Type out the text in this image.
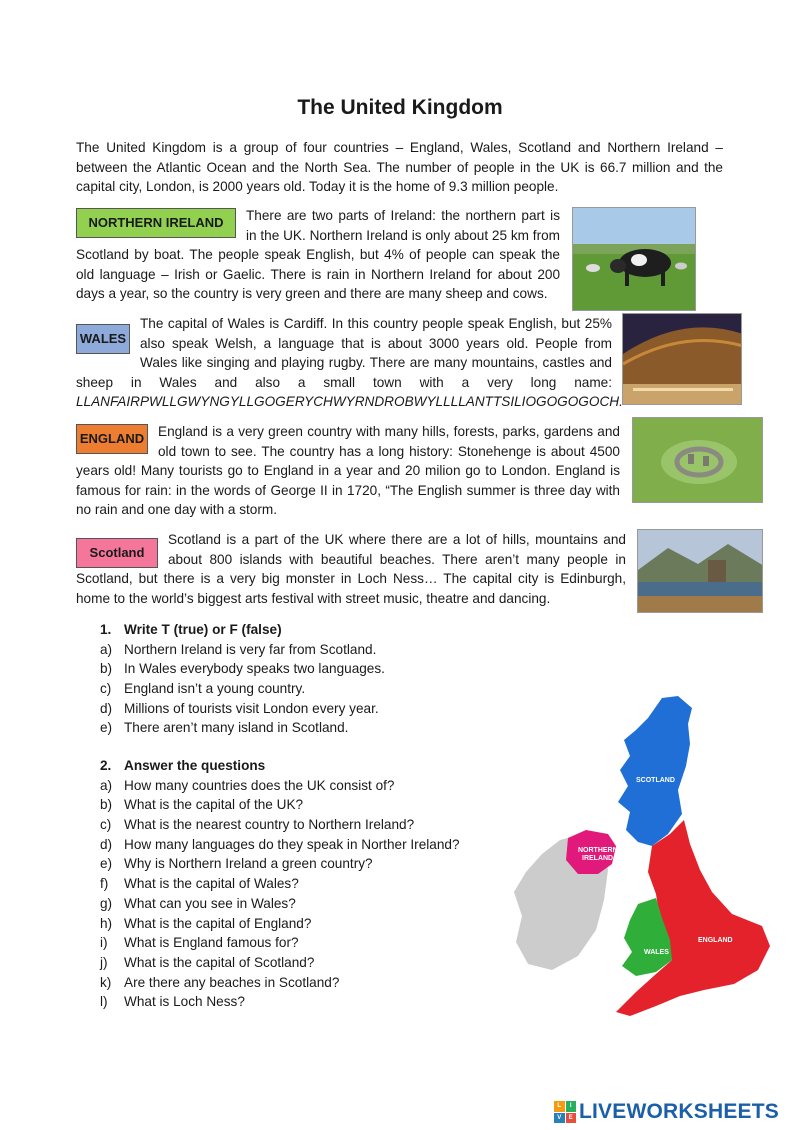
The United Kingdom
The United Kingdom is a group of four countries – England, Wales, Scotland and Northern Ireland – between the Atlantic Ocean and the North Sea. The number of people in the UK is 66.7 million and the capital city, London, is 2000 years old. Today it is the home of 9.3 million people.
NORTHERN IRELAND	There are two parts of Ireland: the northern part is in the UK. Northern Ireland is only about 25 km from Scotland by boat. The people speak English, but 4% of people can speak the old language – Irish or Gaelic. There is rain in Northern Ireland for about 200 days a year, so the country is very green and there are many sheep and cows.
WALES
The capital of Wales is Cardiff. In this country people speak English, but 25% also speak Welsh, a language that is about 3000 years old. People from Wales like singing and playing rugby. There are many mountains, castles and sheep in Wales and also a small town with a very long name: LLANFAIRPWLLGWYNGYLLGOGERYCHWYRNDROBWYLLLLANTTSILIOGOGOGOCH.
ENGLAND England is a very green country with many hills, forests, parks, gardens and old town to see. The country has a long history: Stonehenge is about 4500 years old! Many tourists go to England in a year and 20 milion go to London. England is famous for rain: in the words of George II in 1720, “The English summer is three day with no rain and one day with a storm.
Scotland
Scotland is a part of the UK where there are a lot of hills, mountains and about 800 islands with beautiful beaches. There aren’t many people in Scotland, but there is a very big monster in Loch Ness… The capital city is Edinburgh, home to the world’s biggest arts festival with street music, theatre and dancing.
1. Write T (true) or F (false)
a) Northern Ireland is very far from Scotland.
b) In Wales everybody speaks two languages.
c) England isn’t a young country.
d) Millions of tourists visit London every year.
e) There aren’t many island in Scotland.
2. Answer the questions
a) How many countries does the UK consist of?
b) What is the capital of the UK?
c) What is the nearest country to Northern Ireland?
d) How many languages do they speak in Norther Ireland?
e) Why is Northern Ireland a green country?
f) What is the capital of Wales?
g) What can you see in Wales?
h) What is the capital of England?
i) What is England famous for?
j) What is the capital of Scotland?
k) Are there any beaches in Scotland?
l) What is Loch Ness?
SCOTLAND
NORTHERN
IRELAND
WALES
ENGLAND
L	I
V	E LIVEWORKSHEETS
